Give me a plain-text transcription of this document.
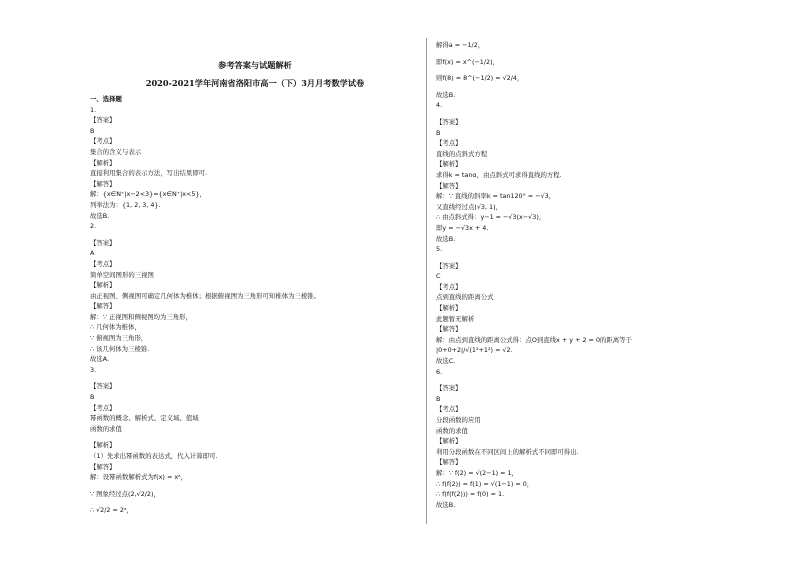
参考答案与试题解析
2020-2021学年河南省洛阳市高一（下）3月月考数学试卷
一、选择题
1.
【答案】
B
【考点】
集合的含义与表示
【解析】
直接利用集合的表示方法，写出结果即可.
【解答】
解：{x∈N⁺|x−2<3}={x∈N⁺|x<5}，
列举法为：{1, 2, 3, 4}.
故选B.
2.
【答案】
A
【考点】
简单空间图形的三视图
【解析】
由正视图、侧视图可确定几何体为椎体；根据俯视图为三角形可知椎体为三棱锥。
【解答】
解：∵ 正视图和侧视图均为三角形，
∴ 几何体为椎体，
∵ 俯视图为三角形，
∴ 该几何体为三棱锥.
故选A.
3.
【答案】
B
【考点】
幂函数的概念、解析式、定义域、值域
函数的求值
【解析】
（1）先求出幂函数的表达式，代入计算即可.
【解答】
解：设幂函数解析式为f(x) = xᵃ，
∵ 图象经过点(2,√2/2)，
∴ √2/2 = 2ᵃ，
解得a = −1/2，
即f(x) = x^(−1/2)，
则f(8) = 8^(−1/2) = √2/4，
故选B.
4.
【答案】
B
【考点】
直线的点斜式方程
【解析】
求得k = tanα，由点斜式可求得直线的方程.
【解答】
解：∵ 直线的斜率k = tan120° = −√3，
又直线经过点(√3, 1)，
∴ 由点斜式得：y−1 = −√3(x−√3)，
即y = −√3x + 4.
故选B.
5.
【答案】
C
【考点】
点到直线的距离公式
【解析】
此题暂无解析
【解答】
解：由点到直线的距离公式得：点O到直线x + y + 2 = 0的距离等于
|0+0+2|/√(1²+1²) = √2.
故选C.
6.
【答案】
B
【考点】
分段函数的应用
函数的求值
【解析】
利用分段函数在不同区间上的解析式不同即可得出.
【解答】
解：∵ f(2) = √(2−1) = 1，
∴ f(f(2)) = f(1) = √(1−1) = 0，
∴ f(f(f(2))) = f(0) = 1.
故选B.
